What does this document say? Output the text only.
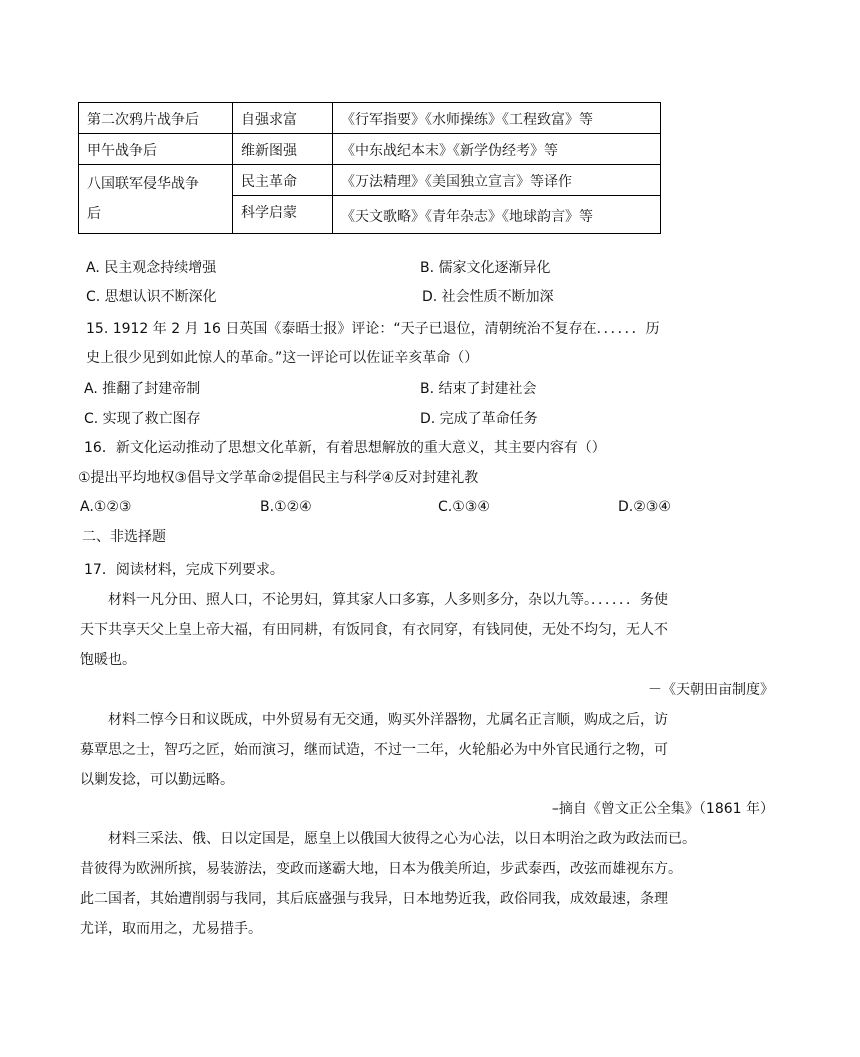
第二次鸦片战争后	自强求富	《行军指要》《水师操练》《工程致富》等
甲午战争后	维新图强	《中东战纪本末》《新学伪经考》等

八国联军侵华战争
后	民主革命	《万法精理》《美国独立宣言》等译作
	科学启蒙	《天文歌略》《青年杂志》《地球韵言》等
A. 民主观念持续增强	B. 儒家文化逐渐异化
C. 思想认识不断深化	D. 社会性质不断加深
15. 1912 年 2 月 16 日英国《泰晤士报》评论：“天子已退位，清朝统治不复存在．．．．．．历
史上很少见到如此惊人的革命。”这一评论可以佐证辛亥革命（）
A. 推翻了封建帝制	B. 结束了封建社会
C. 实现了救亡图存	D. 完成了革命任务
16．新文化运动推动了思想文化革新，有着思想解放的重大意义，其主要内容有（）
①提出平均地权③倡导文学革命②提倡民主与科学④反对封建礼教
A.①②③	B.①②④	C.①③④	D.②③④
二、非选择题
17．阅读材料，完成下列要求。
材料一凡分田、照人口，不论男妇，算其家人口多寡，人多则多分，杂以九等。．．．．．．务使
天下共享天父上皇上帝大福，有田同耕，有饭同食，有衣同穿，有钱同使，无处不均匀，无人不
饱暖也。
－《天朝田亩制度》
材料二惇今日和议既成，中外贸易有无交通，购买外洋器物，尤属名正言顺，购成之后，访
募覃思之士，智巧之匠，始而演习，继而试造，不过一二年，火轮船必为中外官民通行之物，可
以剿发捻，可以勤远略。
–摘自《曾文正公全集》（1861 年）
材料三采法、俄、日以定国是，愿皇上以俄国大彼得之心为心法，以日本明治之政为政法而已。
昔彼得为欧洲所摈，易装游法，变政而遂霸大地，日本为俄美所迫，步武泰西，改弦而雄视东方。
此二国者，其始遭削弱与我同，其后底盛强与我异，日本地势近我，政俗同我，成效最速，条理
尤详，取而用之，尤易措手。
